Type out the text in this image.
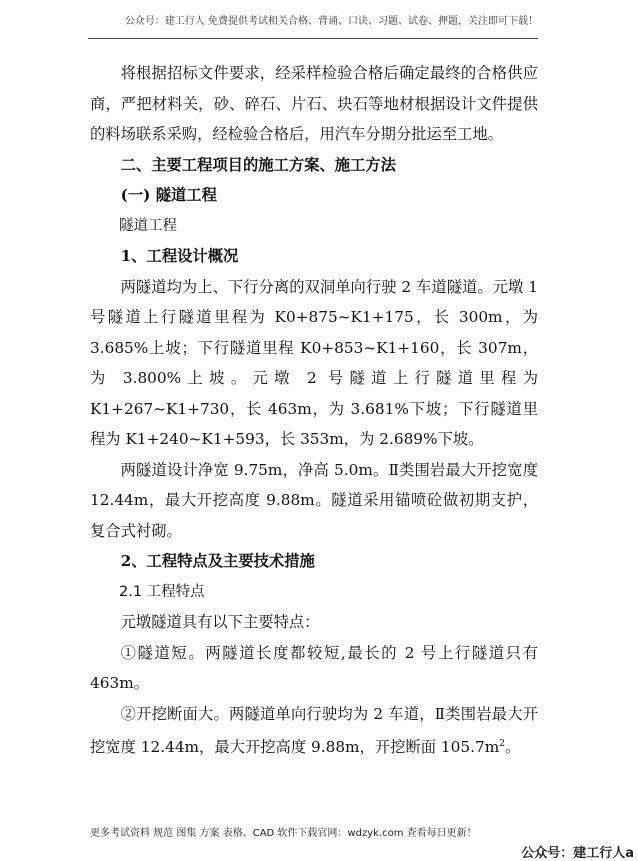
公众号：建工行人 免费提供考试相关合格、背诵、口诀、习题、试卷、押题，关注即可下载！

将根据招标文件要求，经采样检验合格后确定最终的合格供应商，严把材料关，砂、碎石、片石、块石等地材根据设计文件提供的料场联系采购，经检验合格后，用汽车分期分批运至工地。

二、主要工程项目的施工方案、施工方法

(一) 隧道工程

隧道工程

1、工程设计概况

两隧道均为上、下行分离的双洞单向行驶 2 车道隧道。元墩 1 号隧道上行隧道里程为 K0+875~K1+175，长 300m，为 3.685%上坡；下行隧道里程 K0+853~K1+160，长 307m，为 3.800%上坡。元墩 2 号隧道上行隧道里程为 K1+267~K1+730，长 463m，为 3.681%下坡；下行隧道里程为 K1+240~K1+593，长 353m，为 2.689%下坡。

两隧道设计净宽 9.75m，净高 5.0m。Ⅱ类围岩最大开挖宽度 12.44m，最大开挖高度 9.88m。隧道采用锚喷砼做初期支护，复合式衬砌。

2、工程特点及主要技术措施

2.1 工程特点

元墩隧道具有以下主要特点：

①隧道短。两隧道长度都较短,最长的 2 号上行隧道只有 463m。

②开挖断面大。两隧道单向行驶均为 2 车道，Ⅱ类围岩最大开挖宽度 12.44m，最大开挖高度 9.88m，开挖断面 $105.7m^2$。

更多考试资料 规范 图集 方案 表格、CAD 软件下载官网：wdzyk.com 查看每日更新！
公众号：建工行人a
